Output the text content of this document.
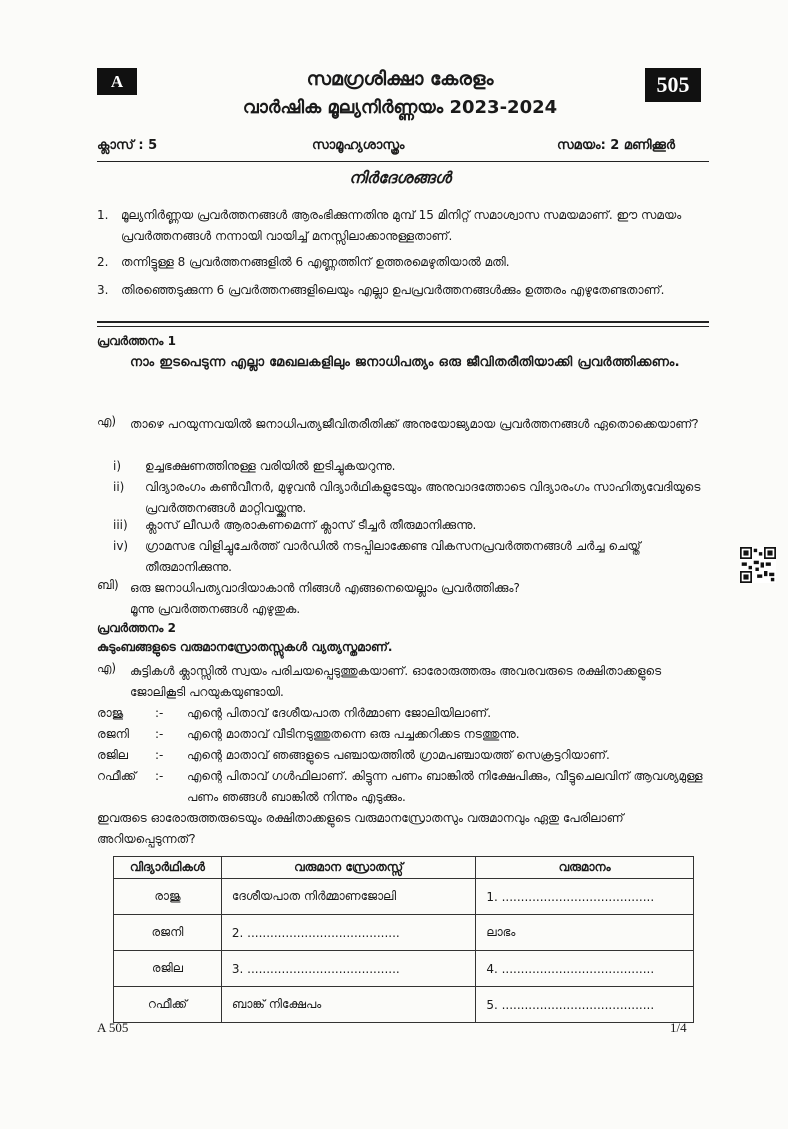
A	സമഗ്രശിക്ഷാ കേരളം
വാർഷിക മൂല്യനിർണ്ണയം 2023-2024
505
ക്ലാസ് : 5	സാമൂഹ്യശാസ്ത്രം	സമയം: 2 മണിക്കൂർ
നിർദേശങ്ങൾ
1. മൂല്യനിർണ്ണയ പ്രവർത്തനങ്ങൾ ആരംഭിക്കുന്നതിനു മുമ്പ് 15 മിനിറ്റ് സമാശ്വാസ സമയമാണ്. ഈ സമയം പ്രവർത്തനങ്ങൾ നന്നായി വായിച്ച് മനസ്സിലാക്കാനുള്ളതാണ്.
2. തന്നിട്ടുള്ള 8 പ്രവർത്തനങ്ങളിൽ 6 എണ്ണത്തിന് ഉത്തരമെഴുതിയാൽ മതി.
3. തിരഞ്ഞെടുക്കുന്ന 6 പ്രവർത്തനങ്ങളിലെയും എല്ലാ ഉപപ്രവർത്തനങ്ങൾക്കും ഉത്തരം എഴുതേണ്ടതാണ്.
പ്രവർത്തനം 1
നാം ഇടപെടുന്ന എല്ലാ മേഖലകളിലും ജനാധിപത്യം ഒരു ജീവിതരീതിയാക്കി പ്രവർത്തിക്കണം.
എ) താഴെ പറയുന്നവയിൽ ജനാധിപത്യജീവിതരീതിക്ക് അനുയോജ്യമായ പ്രവർത്തനങ്ങൾ ഏതൊക്കെയാണ്?
i)	ഉച്ചഭക്ഷണത്തിനുള്ള വരിയിൽ ഇടിച്ചുകയറുന്നു.
ii)	വിദ്യാരംഗം കൺവീനർ, മുഴുവൻ വിദ്യാർഥികളുടേയും അനുവാദത്തോടെ വിദ്യാരംഗം സാഹിത്യവേദിയുടെ പ്രവർത്തനങ്ങൾ മാറ്റിവയ്ക്കുന്നു.
iii)	ക്ലാസ് ലീഡർ ആരാകണമെന്ന് ക്ലാസ് ടീച്ചർ തീരുമാനിക്കുന്നു.
iv)	ഗ്രാമസഭ വിളിച്ചുചേർത്ത് വാർഡിൽ നടപ്പിലാക്കേണ്ട വികസനപ്രവർത്തനങ്ങൾ ചർച്ച ചെയ്ത് തീരുമാനിക്കുന്നു.
ബി) ഒരു ജനാധിപത്യവാദിയാകാൻ നിങ്ങൾ എങ്ങനെയെല്ലാം പ്രവർത്തിക്കും?
മൂന്നു പ്രവർത്തനങ്ങൾ എഴുതുക.
പ്രവർത്തനം 2
കുടുംബങ്ങളുടെ വരുമാനസ്രോതസ്സുകൾ വ്യത്യസ്തമാണ്.
എ) കുട്ടികൾ ക്ലാസ്സിൽ സ്വയം പരിചയപ്പെടുത്തുകയാണ്. ഓരോരുത്തരും അവരവരുടെ രക്ഷിതാക്കളുടെ ജോലികൂടി പറയുകയുണ്ടായി.
രാജു	:- എന്റെ പിതാവ് ദേശീയപാത നിർമ്മാണ ജോലിയിലാണ്.
രജനി :- എന്റെ മാതാവ് വീടിനടുത്തുതന്നെ ഒരു പച്ചക്കറിക്കട നടത്തുന്നു.
രജില :- എന്റെ മാതാവ് ഞങ്ങളുടെ പഞ്ചായത്തിൽ ഗ്രാമപഞ്ചായത്ത് സെക്രട്ടറിയാണ്.
റഫീക്ക് :- എന്റെ പിതാവ് ഗൾഫിലാണ്. കിട്ടുന്ന പണം ബാങ്കിൽ നിക്ഷേപിക്കും, വീട്ടുചെലവിന് ആവശ്യമുള്ള പണം ഞങ്ങൾ ബാങ്കിൽ നിന്നും എടുക്കും.
ഇവരുടെ ഓരോരുത്തരുടെയും രക്ഷിതാക്കളുടെ വരുമാനസ്രോതസും വരുമാനവും ഏതു പേരിലാണ് അറിയപ്പെടുന്നത്?
വിദ്യാർഥികൾ	വരുമാന സ്രോതസ്സ്	വരുമാനം
രാജു	ദേശീയപാത നിർമ്മാണജോലി	1. ........................................
രജനി	2. ........................................	ലാഭം
രജില	3. ........................................	4. ........................................
റഫീക്ക്	ബാങ്ക് നിക്ഷേപം	5. ........................................
A 505	1/4
